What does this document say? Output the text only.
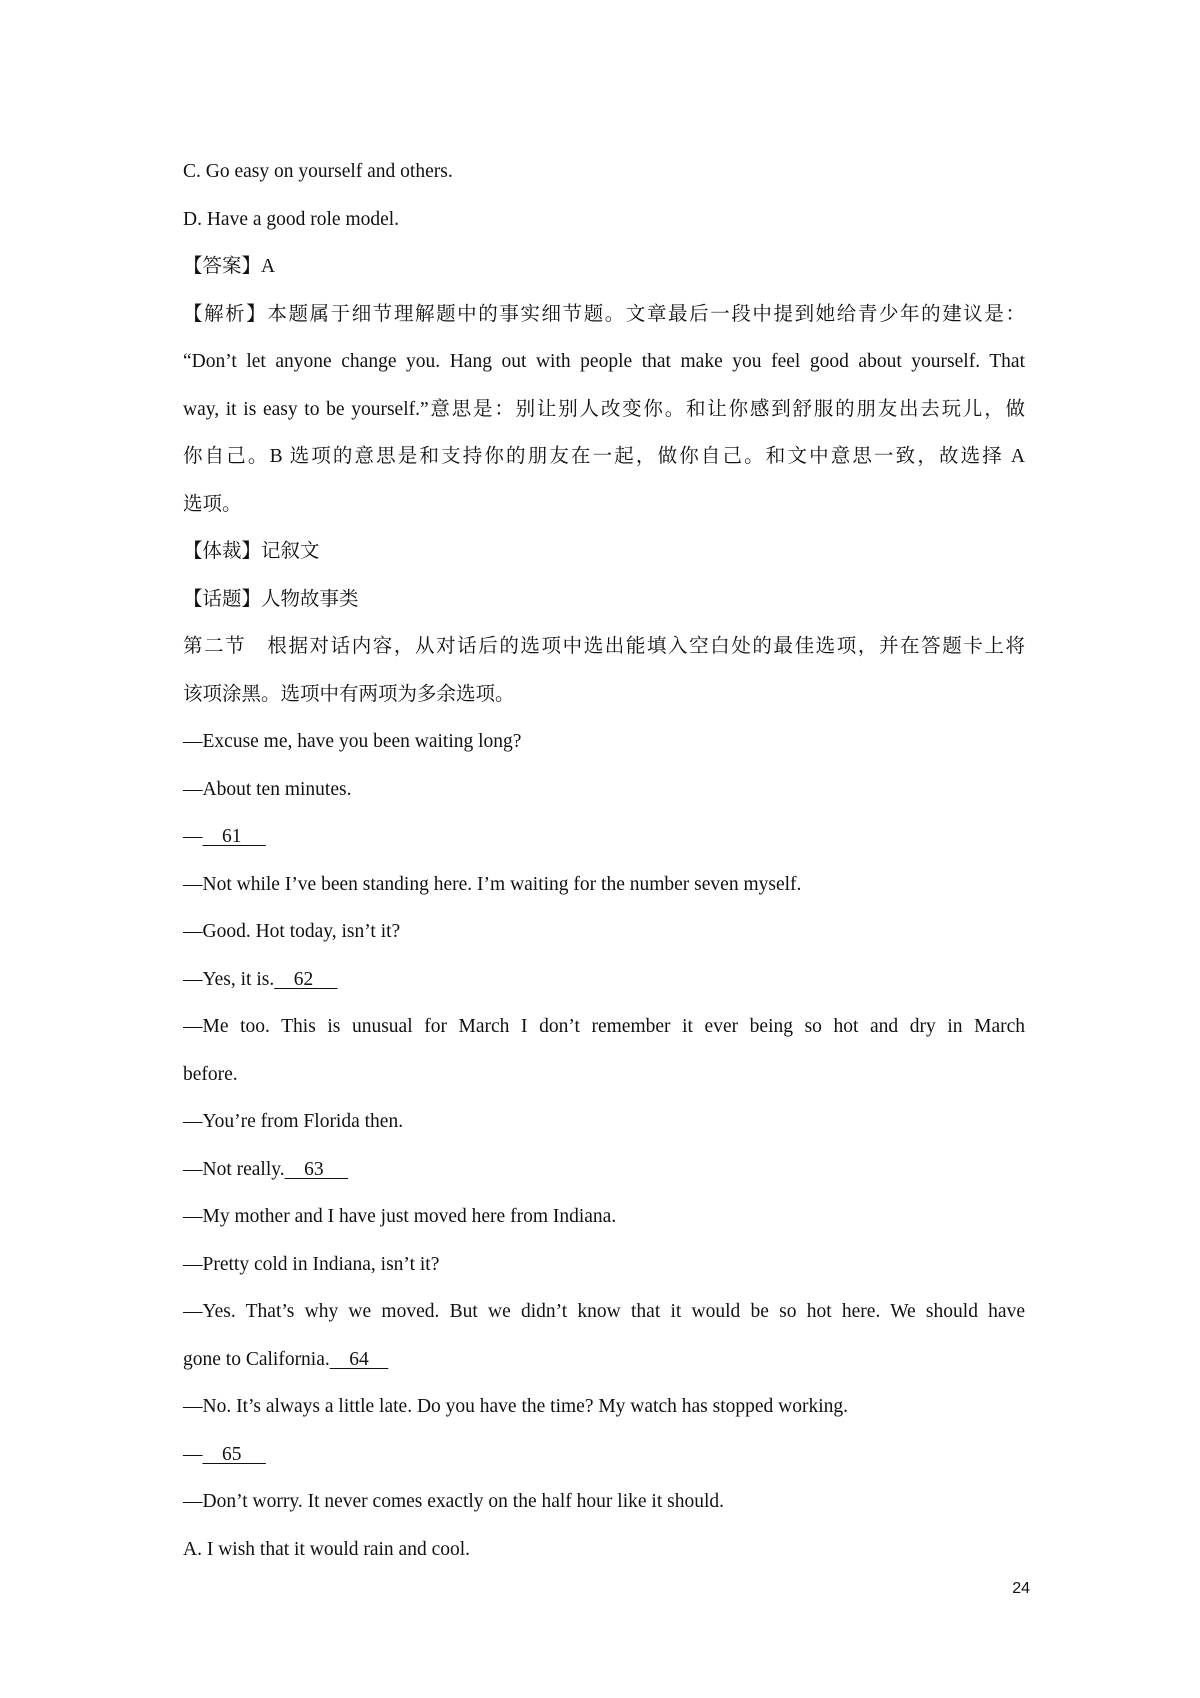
C. Go easy on yourself and others.
D. Have a good role model.
【答案】A
【解析】本题属于细节理解题中的事实细节题。文章最后一段中提到她给青少年的建议是：
“Don’t let anyone change you. Hang out with people that make you feel good about yourself. That
way, it is easy to be yourself.”意思是：别让别人改变你。和让你感到舒服的朋友出去玩儿，做
你自己。B 选项的意思是和支持你的朋友在一起，做你自己。和文中意思一致，故选择 A
选项。
【体裁】记叙文
【话题】人物故事类
第二节　根据对话内容，从对话后的选项中选出能填入空白处的最佳选项，并在答题卡上将
该项涂黑。选项中有两项为多余选项。
—Excuse me, have you been waiting long?
—About ten minutes.
—    61
—Not while I’ve been standing here. I’m waiting for the number seven myself.
—Good. Hot today, isn’t it?
—Yes, it is.    62
—Me too. This is unusual for March I don’t remember it ever being so hot and dry in March
before.
—You’re from Florida then.
—Not really.    63
—My mother and I have just moved here from Indiana.
—Pretty cold in Indiana, isn’t it?
—Yes. That’s why we moved. But we didn’t know that it would be so hot here. We should have
gone to California.    64
—No. It’s always a little late. Do you have the time? My watch has stopped working.
—    65
—Don’t worry. It never comes exactly on the half hour like it should.
A. I wish that it would rain and cool.
24
